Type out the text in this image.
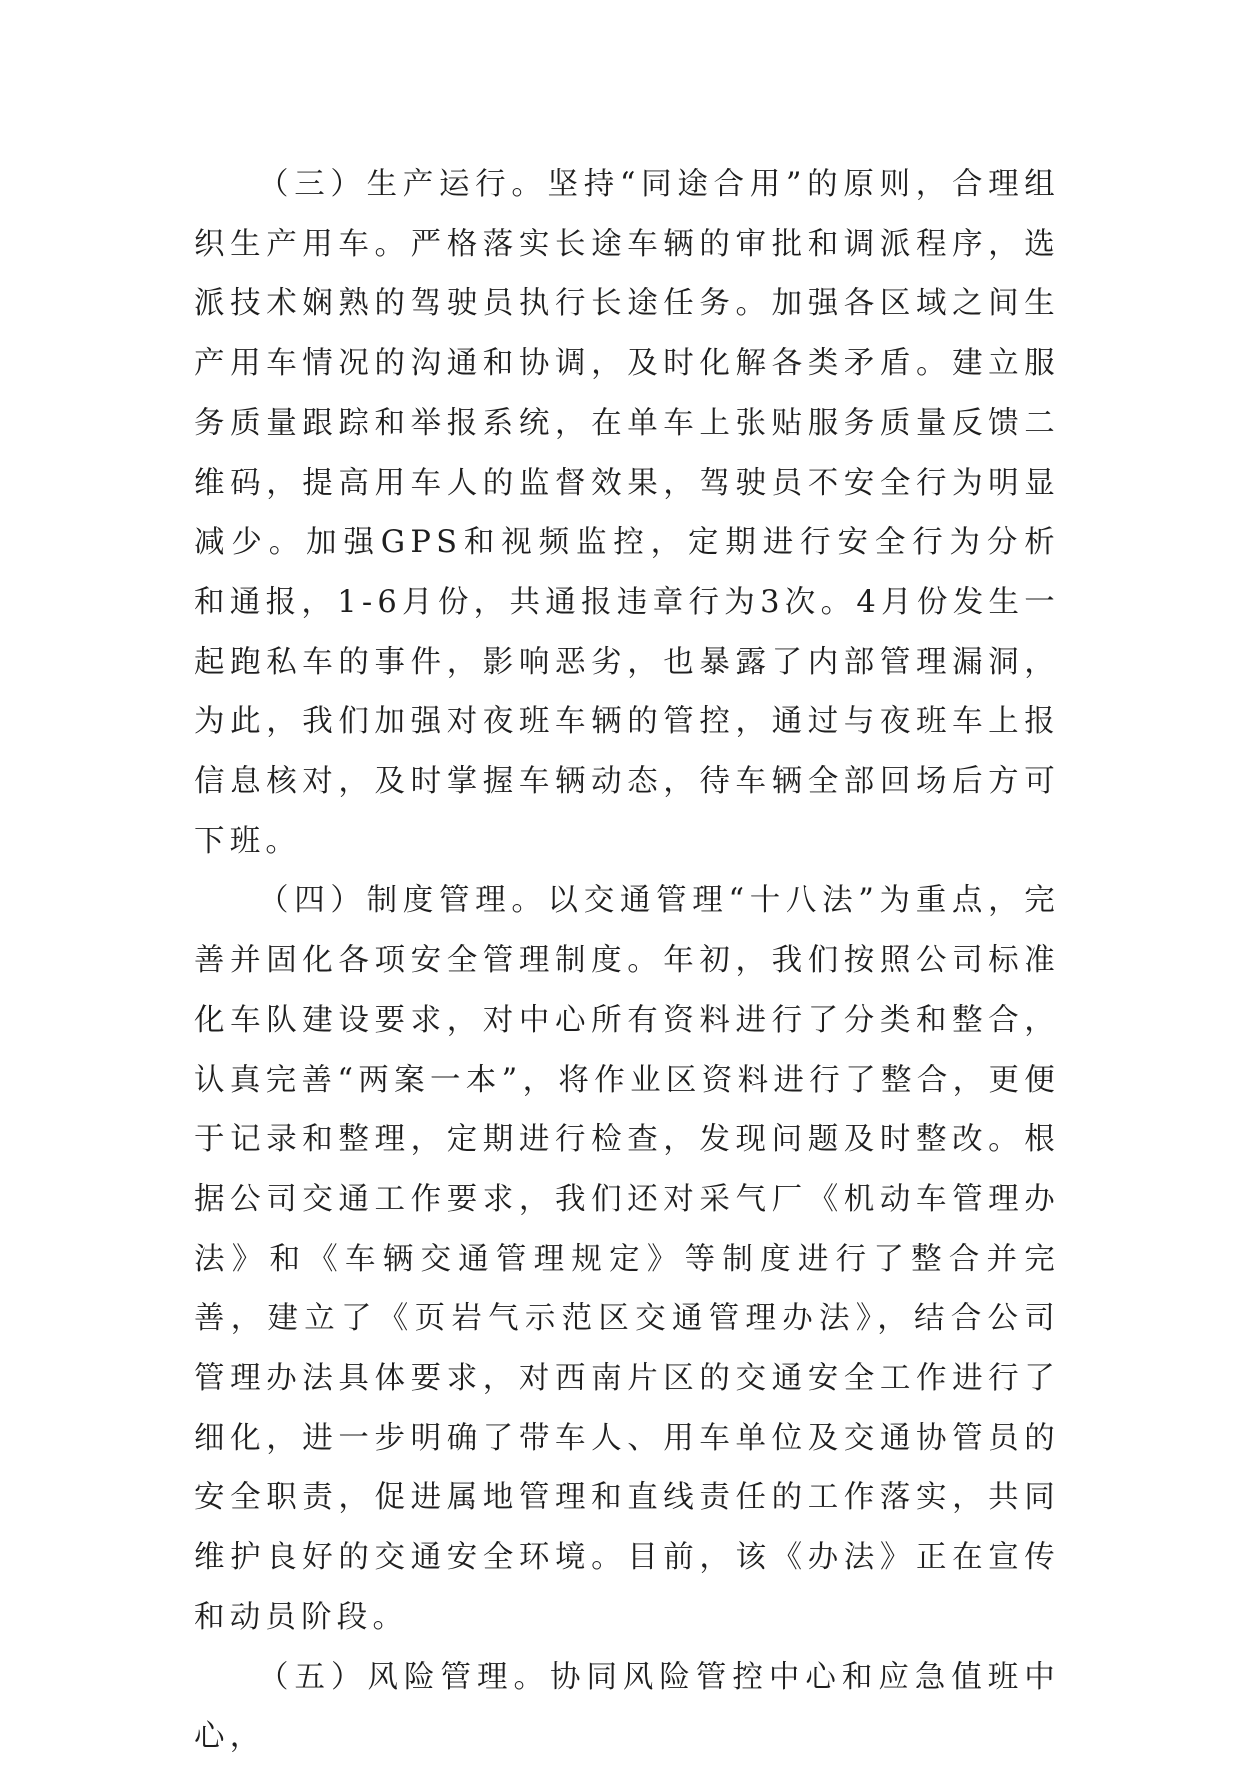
（三）生产运行。坚持“同途合用”的原则，合理组织生产用车。严格落实长途车辆的审批和调派程序，选派技术娴熟的驾驶员执行长途任务。加强各区域之间生产用车情况的沟通和协调，及时化解各类矛盾。建立服务质量跟踪和举报系统，在单车上张贴服务质量反馈二维码，提高用车人的监督效果，驾驶员不安全行为明显减少。加强GPS和视频监控，定期进行安全行为分析和通报，1-6月份，共通报违章行为3次。4月份发生一起跑私车的事件，影响恶劣，也暴露了内部管理漏洞，为此，我们加强对夜班车辆的管控，通过与夜班车上报信息核对，及时掌握车辆动态，待车辆全部回场后方可下班。

（四）制度管理。以交通管理“十八法”为重点，完善并固化各项安全管理制度。年初，我们按照公司标准化车队建设要求，对中心所有资料进行了分类和整合，认真完善“两案一本”，将作业区资料进行了整合，更便于记录和整理，定期进行检查，发现问题及时整改。根据公司交通工作要求，我们还对采气厂《机动车管理办法》和《车辆交通管理规定》等制度进行了整合并完善，建立了《页岩气示范区交通管理办法》，结合公司管理办法具体要求，对西南片区的交通安全工作进行了细化，进一步明确了带车人、用车单位及交通协管员的安全职责，促进属地管理和直线责任的工作落实，共同维护良好的交通安全环境。目前，该《办法》正在宣传和动员阶段。

（五）风险管理。协同风险管控中心和应急值班中心，
